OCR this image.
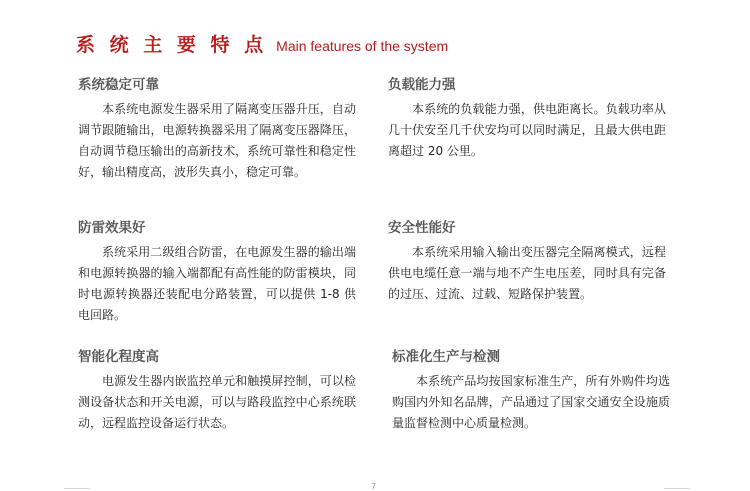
系 统 主 要 特 点 Main features of the system
系统稳定可靠

本系统电源发生器采用了隔离变压器升压，自动调节跟随输出，电源转换器采用了隔离变压器降压，自动调节稳压输出的高新技术，系统可靠性和稳定性好，输出精度高，波形失真小，稳定可靠。

负载能力强

本系统的负载能力强，供电距离长。负载功率从几十伏安至几千伏安均可以同时满足，且最大供电距离超过 20 公里。

防雷效果好

系统采用二级组合防雷，在电源发生器的输出端和电源转换器的输入端都配有高性能的防雷模块，同时电源转换器还装配电分路装置，可以提供 1-8 供电回路。

安全性能好

本系统采用输入输出变压器完全隔离模式，远程供电电缆任意一端与地不产生电压差，同时具有完备的过压、过流、过载、短路保护装置。

智能化程度高

电源发生器内嵌监控单元和触摸屏控制，可以检测设备状态和开关电源，可以与路段监控中心系统联动，远程监控设备运行状态。

标准化生产与检测

本系统产品均按国家标准生产，所有外购件均选购国内外知名品牌，产品通过了国家交通安全设施质量监督检测中心质量检测。

7
